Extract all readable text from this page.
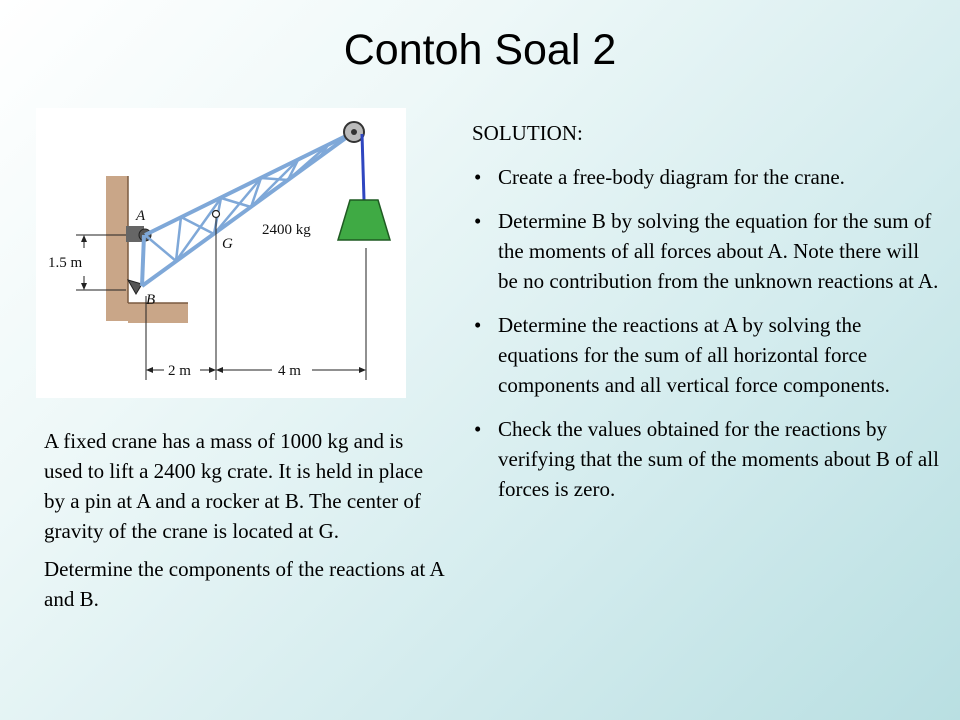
Contoh Soal 2
A
B
G
2400 kg
1.5 m
2 m	4 m

A fixed crane has a mass of 1000 kg and is used to lift a 2400 kg crate. It is held in place by a pin at A and a rocker at B. The center of gravity of the crane is located at G.

Determine the components of the reactions at A and B.

SOLUTION:
• Create a free-body diagram for the crane.
• Determine B by solving the equation for the sum of the moments of all forces about A. Note there will be no contribution from the unknown reactions at A.
• Determine the reactions at A by solving the equations for the sum of all horizontal force components and all vertical force components.
• Check the values obtained for the reactions by verifying that the sum of the moments about B of all forces is zero.
